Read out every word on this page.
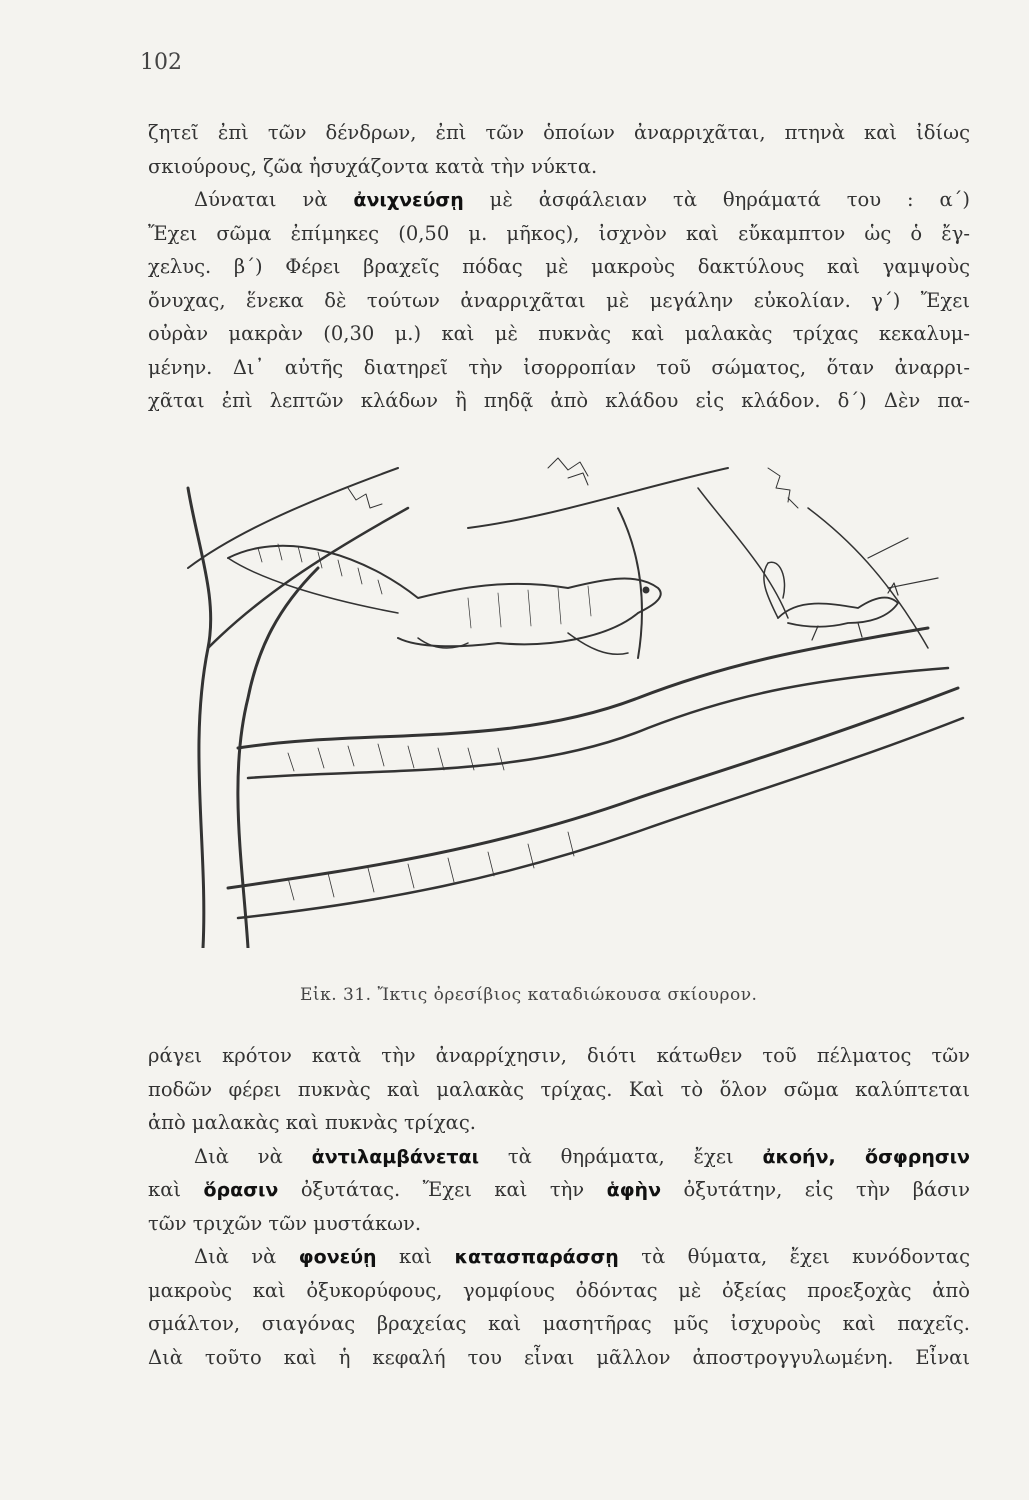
102
ζητεῖ ἐπὶ τῶν δένδρων, ἐπὶ τῶν ὁποίων ἀναρριχᾶται, πτηνὰ καὶ ἰδίως
σκιούρους, ζῶα ἡσυχάζοντα κατὰ τὴν νύκτα.
Δύναται νὰ ἀνιχνεύσῃ μὲ ἀσφάλειαν τὰ θηράματά του : α΄)
Ἔχει σῶμα ἐπίμηκες (0,50 μ. μῆκος), ἰσχνὸν καὶ εὔκαμπτον ὡς ὁ ἔγ-
χελυς. β΄) Φέρει βραχεῖς πόδας μὲ μακροὺς δακτύλους καὶ γαμψοὺς
ὄνυχας, ἕνεκα δὲ τούτων ἀναρριχᾶται μὲ μεγάλην εὐκολίαν. γ΄) Ἔχει
οὐρὰν μακρὰν (0,30 μ.) καὶ μὲ πυκνὰς καὶ μαλακὰς τρίχας κεκαλυμ-
μένην. Δι᾽ αὐτῆς διατηρεῖ τὴν ἰσορροπίαν τοῦ σώματος, ὅταν ἀναρρι-
χᾶται ἐπὶ λεπτῶν κλάδων ἢ πηδᾷ ἀπὸ κλάδου εἰς κλάδον. δ΄) Δὲν πα-
Εἰκ. 31. Ἴκτις ὀρεσίβιος καταδιώκουσα σκίουρον.
ράγει κρότον κατὰ τὴν ἀναρρίχησιν, διότι κάτωθεν τοῦ πέλματος τῶν
ποδῶν φέρει πυκνὰς καὶ μαλακὰς τρίχας. Καὶ τὸ ὅλον σῶμα καλύπτεται
ἀπὸ μαλακὰς καὶ πυκνὰς τρίχας.
Διὰ νὰ ἀντιλαμβάνεται τὰ θηράματα, ἔχει ἀκοήν, ὄσφρησιν
καὶ ὅρασιν ὀξυτάτας. Ἔχει καὶ τὴν ἁφὴν ὀξυτάτην, εἰς τὴν βάσιν
τῶν τριχῶν τῶν μυστάκων.
Διὰ νὰ φονεύῃ καὶ κατασπαράσσῃ τὰ θύματα, ἔχει κυνόδοντας
μακροὺς καὶ ὀξυκορύφους, γομφίους ὀδόντας μὲ ὀξείας προεξοχὰς ἀπὸ
σμάλτον, σιαγόνας βραχείας καὶ μασητῆρας μῦς ἰσχυροὺς καὶ παχεῖς.
Διὰ τοῦτο καὶ ἡ κεφαλή του εἶναι μᾶλλον ἀποστρογγυλωμένη. Εἶναι
